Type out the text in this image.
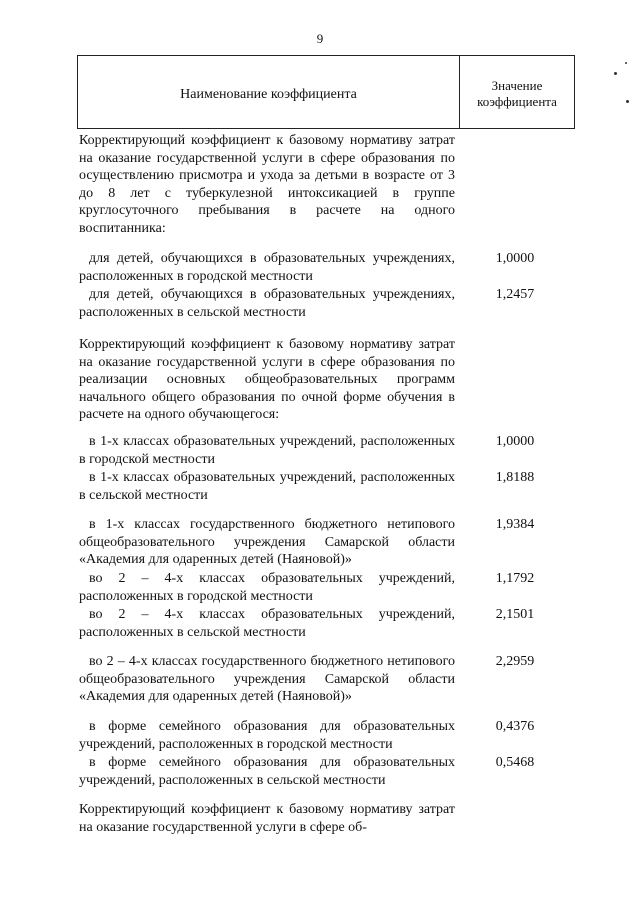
9
Наименование коэффициента
Значение
коэффициента
Корректирующий коэффициент к базовому нормативу затрат на оказание государственной услуги в сфере образования по осуществлению присмотра и ухода за детьми в возрасте от 3 до 8 лет с туберкулезной интоксикацией в группе круглосуточного пребывания в расчете на одного воспитанника:
для детей, обучающихся в образовательных учреждениях, расположенных в городской местности
1,0000
для детей, обучающихся в образовательных учреждениях, расположенных в сельской местности
1,2457
Корректирующий коэффициент к базовому нормативу затрат на оказание государственной услуги в сфере образования по реализации основных общеобразовательных программ начального общего образования по очной форме обучения в расчете на одного обучающегося:
в 1-х классах образовательных учреждений, расположенных в городской местности
1,0000
в 1-х классах образовательных учреждений, расположенных в сельской местности
1,8188
в 1-х классах государственного бюджетного нетипового общеобразовательного учреждения Самарской области «Академия для одаренных детей (Наяновой)»
1,9384
во 2 – 4-х классах образовательных учреждений, расположенных в городской местности
1,1792
во 2 – 4-х классах образовательных учреждений, расположенных в сельской местности
2,1501
во 2 – 4-х классах государственного бюджетного нетипового общеобразовательного учреждения Самарской области «Академия для одаренных детей (Наяновой)»
2,2959
в форме семейного образования для образовательных учреждений, расположенных в городской местности
0,4376
в форме семейного образования для образовательных учреждений, расположенных в сельской местности
0,5468
Корректирующий коэффициент к базовому нормативу затрат на оказание государственной услуги в сфере об-
